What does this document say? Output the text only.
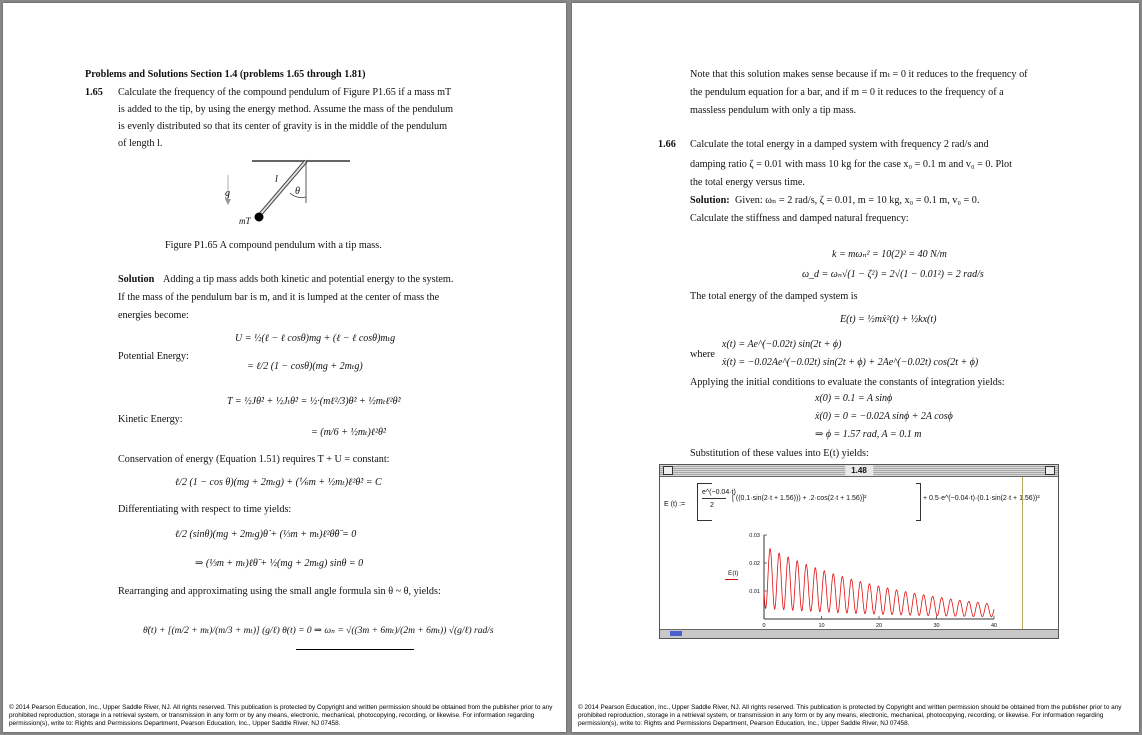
Problems and Solutions Section 1.4 (problems 1.65 through 1.81)
1.65 Calculate the frequency of the compound pendulum of Figure P1.65 if a mass mT
is added to the tip, by using the energy method. Assume the mass of the pendulum
is evenly distributed so that its center of gravity is in the middle of the pendulum
of length l.
g
l
θ
mT
Figure P1.65 A compound pendulum with a tip mass.
Solution Adding a tip mass adds both kinetic and potential energy to the system.
If the mass of the pendulum bar is m, and it is lumped at the center of mass the
energies become:
U = ½(ℓ − ℓ cosθ)mg + (ℓ − ℓ cosθ)mₜg
Potential Energy:
= ℓ/2 (1 − cosθ)(mg + 2mₜg)
T = ½Jθ̇² + ½Jₜθ̇² = ½·(mℓ²/3)θ̇² + ½mₜℓ²θ̇²
Kinetic Energy:
= (m/6 + ½mₜ)ℓ²θ̇²
Conservation of energy (Equation 1.51) requires T + U = constant:
ℓ/2 (1 − cos θ)(mg + 2mₜg) + (⅙m + ½mₜ)ℓ²θ̇² = C
Differentiating with respect to time yields:
ℓ/2 (sinθ)(mg + 2mₜg)θ̇ + (⅓m + mₜ)ℓ²θ̇θ̈ = 0
⇒ (⅓m + mₜ)ℓθ̈ + ½(mg + 2mₜg) sinθ = 0
Rearranging and approximating using the small angle formula sin θ ~ θ, yields:
θ̈(t) + [(m/2 + mₜ)/(m/3 + mₜ)] (g/ℓ) θ(t) = 0 ⇒ ωₙ = √((3m + 6mₜ)/(2m + 6mₜ)) √(g/ℓ) rad/s
© 2014 Pearson Education, Inc., Upper Saddle River, NJ. All rights reserved. This publication is protected by Copyright and written permission should be obtained from the publisher prior to any prohibited reproduction, storage in a retrieval system, or transmission in any form or by any means, electronic, mechanical, photocopying, recording, or likewise. For information regarding permission(s), write to: Rights and Permissions Department, Pearson Education, Inc., Upper Saddle River, NJ 07458.
Note that this solution makes sense because if mₜ = 0 it reduces to the frequency of
the pendulum equation for a bar, and if m = 0 it reduces to the frequency of a
massless pendulum with only a tip mass.
1.66 Calculate the total energy in a damped system with frequency 2 rad/s and
damping ratio ζ = 0.01 with mass 10 kg for the case x₀ = 0.1 m and v₀ = 0. Plot
the total energy versus time.
Solution: Given: ωₙ = 2 rad/s, ζ = 0.01, m = 10 kg, x₀ = 0.1 m, v₀ = 0.
Calculate the stiffness and damped natural frequency:
k = mωₙ² = 10(2)² = 40 N/m
ω_d = ωₙ√(1 − ζ²) = 2√(1 − 0.01²) = 2 rad/s
The total energy of the damped system is
E(t) = ½mẋ²(t) + ½kx(t)
x(t) = Ae^(−0.02t) sin(2t + ϕ)
where
ẋ(t) = −0.02Ae^(−0.02t) sin(2t + ϕ) + 2Ae^(−0.02t) cos(2t + ϕ)
Applying the initial conditions to evaluate the constants of integration yields:
x(0) = 0.1 = A sinϕ
ẋ(0) = 0 = −0.02A sinϕ + 2A cosϕ
⇒ ϕ = 1.57 rad, A = 0.1 m
Substitution of these values into E(t) yields:
1.48
E (t) :=
e^(−0.04·t)
2
[ ((0.1·sin(2·t + 1.56))) + .2·cos(2·t + 1.56)]²	+ 0.5·e^(−0.04·t)·(0.1·sin(2·t + 1.56))²
0	10	20	30	40
0.01
0.02
0.03
E(t)
© 2014 Pearson Education, Inc., Upper Saddle River, NJ. All rights reserved. This publication is protected by Copyright and written permission should be obtained from the publisher prior to any prohibited reproduction, storage in a retrieval system, or transmission in any form or by any means, electronic, mechanical, photocopying, recording, or likewise. For information regarding permission(s), write to: Rights and Permissions Department, Pearson Education, Inc., Upper Saddle River, NJ 07458.
